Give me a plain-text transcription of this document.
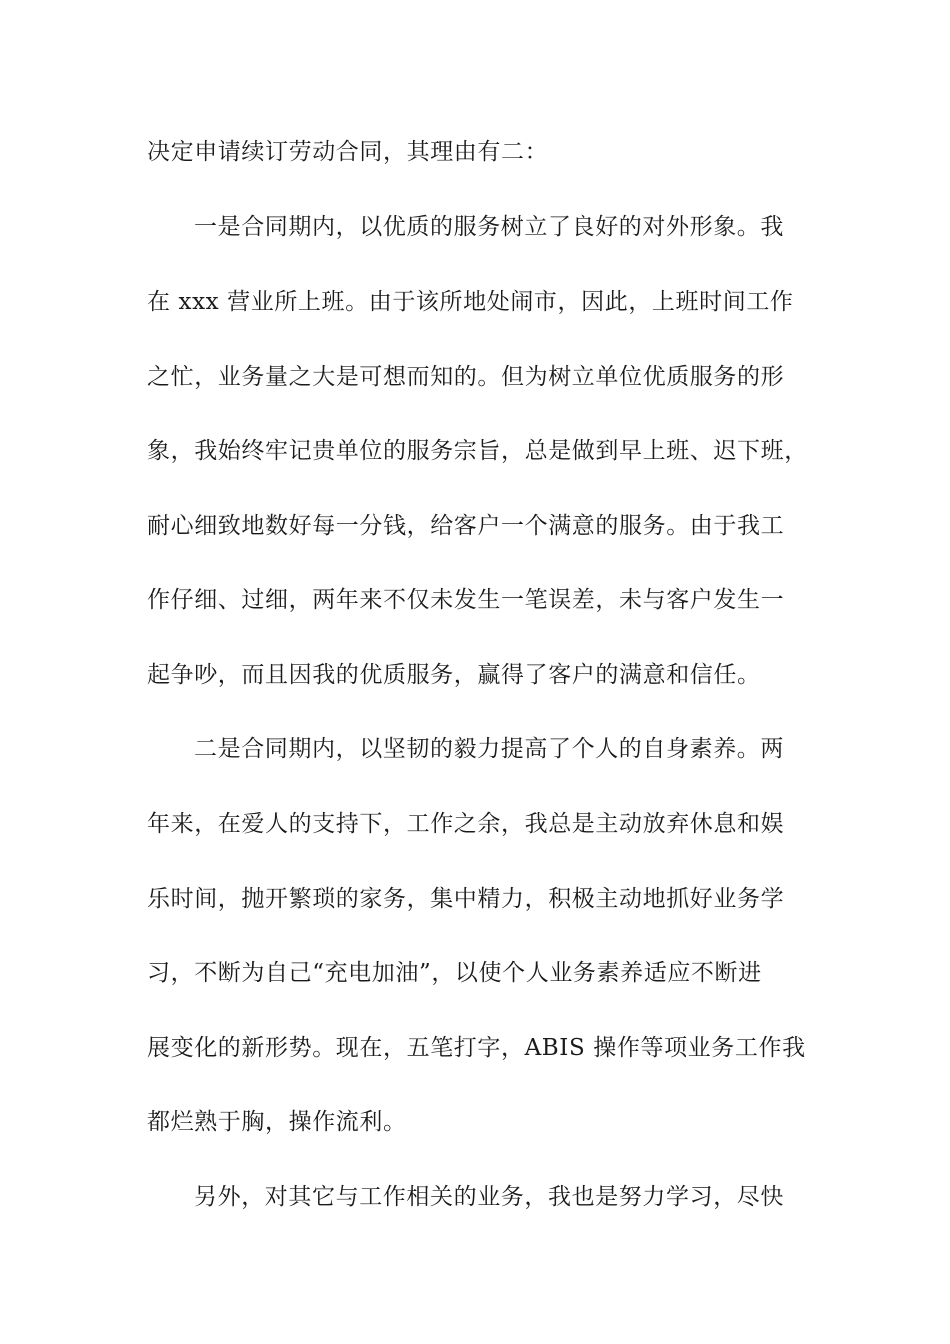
决定申请续订劳动合同，其理由有二：
一是合同期内，以优质的服务树立了良好的对外形象。我
在 xxx 营业所上班。由于该所地处闹市，因此，上班时间工作
之忙，业务量之大是可想而知的。但为树立单位优质服务的形
象，我始终牢记贵单位的服务宗旨，总是做到早上班、迟下班，
耐心细致地数好每一分钱，给客户一个满意的服务。由于我工
作仔细、过细，两年来不仅未发生一笔误差，未与客户发生一
起争吵，而且因我的优质服务，赢得了客户的满意和信任。
二是合同期内，以坚韧的毅力提高了个人的自身素养。两
年来，在爱人的支持下，工作之余，我总是主动放弃休息和娱
乐时间，抛开繁琐的家务，集中精力，积极主动地抓好业务学
习，不断为自己“充电加油”，以使个人业务素养适应不断进
展变化的新形势。现在，五笔打字，ABIS 操作等项业务工作我
都烂熟于胸，操作流利。
另外，对其它与工作相关的业务，我也是努力学习，尽快
